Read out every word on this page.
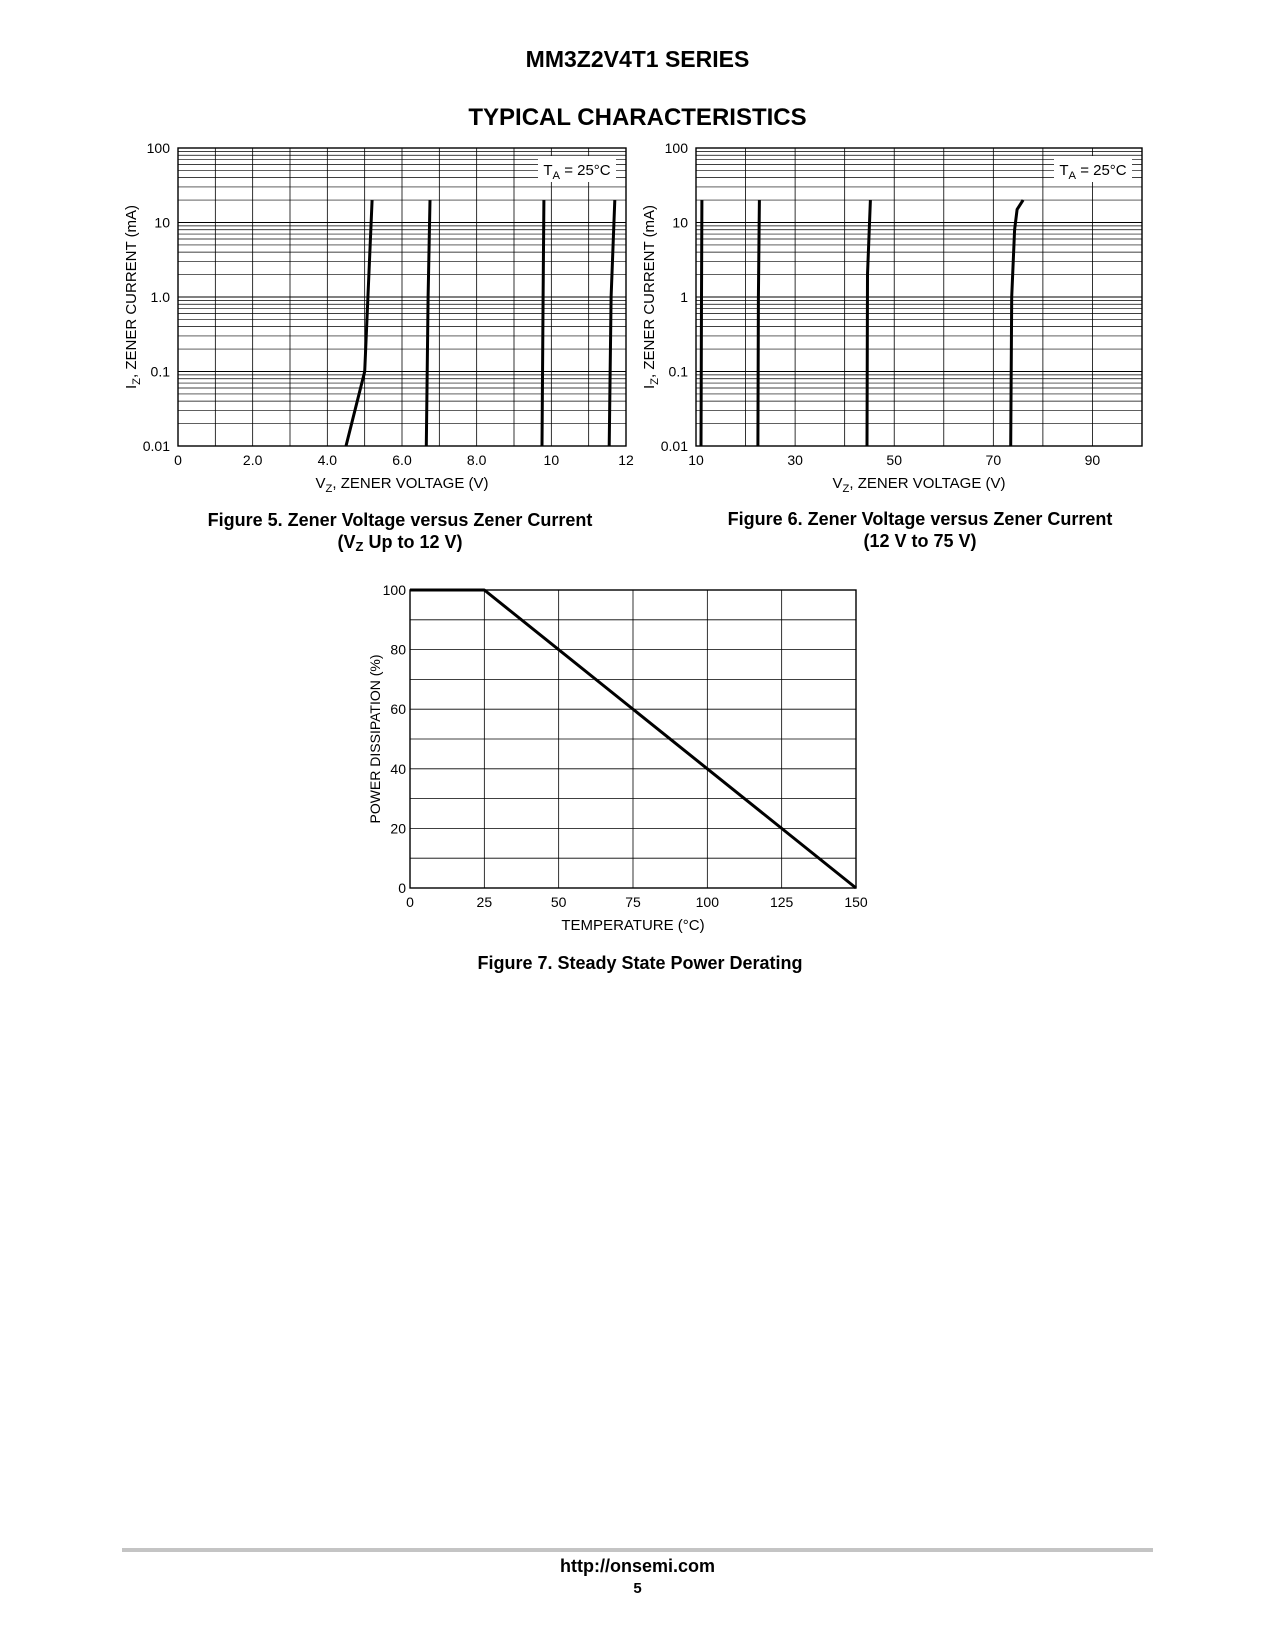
MM3Z2V4T1 SERIES
TYPICAL CHARACTERISTICS
$T_A = 25^\circ C$
0.01
0.1
1.0
10
100
0	2.0	4.0	6.0	8.0	10	12
$V_Z$, ZENER VOLTAGE (V)
$I_Z$, ZENER CURRENT (mA)
$T_A = 25^\circ C$
0.01
0.1
1
10
100
10	30	50	70	90
$V_Z$, ZENER VOLTAGE (V)
$I_Z$, ZENER CURRENT (mA)
Figure 5. Zener Voltage versus Zener Current
($V_Z$ Up to 12 V)
Figure 6. Zener Voltage versus Zener Current
(12 V to 75 V)
0
20
40
60
80
100
0	25	50	75	100	125	150
TEMPERATURE (°C)
POWER DISSIPATION (%)
Figure 7. Steady State Power Derating
http://onsemi.com
5
